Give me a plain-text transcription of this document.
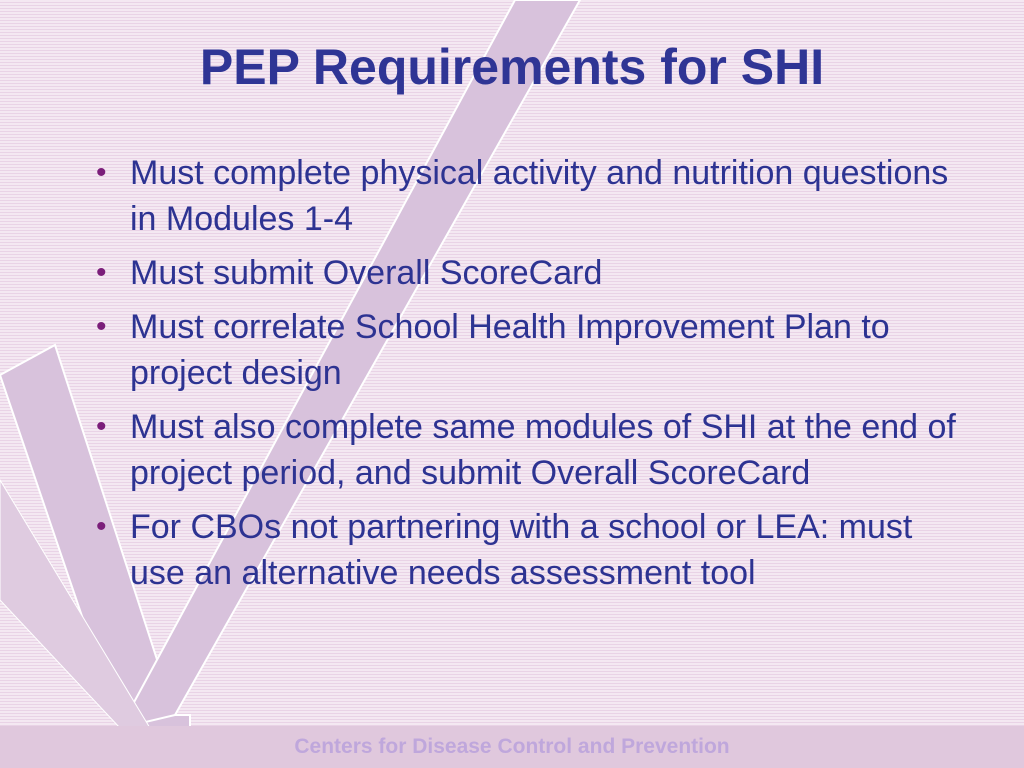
PEP Requirements for SHI
• Must complete physical activity and nutrition questions in Modules 1-4
• Must submit Overall ScoreCard
• Must correlate School Health Improvement Plan to project design
• Must also complete same modules of SHI at the end of project period, and submit Overall ScoreCard
• For CBOs not partnering with a school or LEA: must use an alternative needs assessment tool
Centers for Disease Control and Prevention
